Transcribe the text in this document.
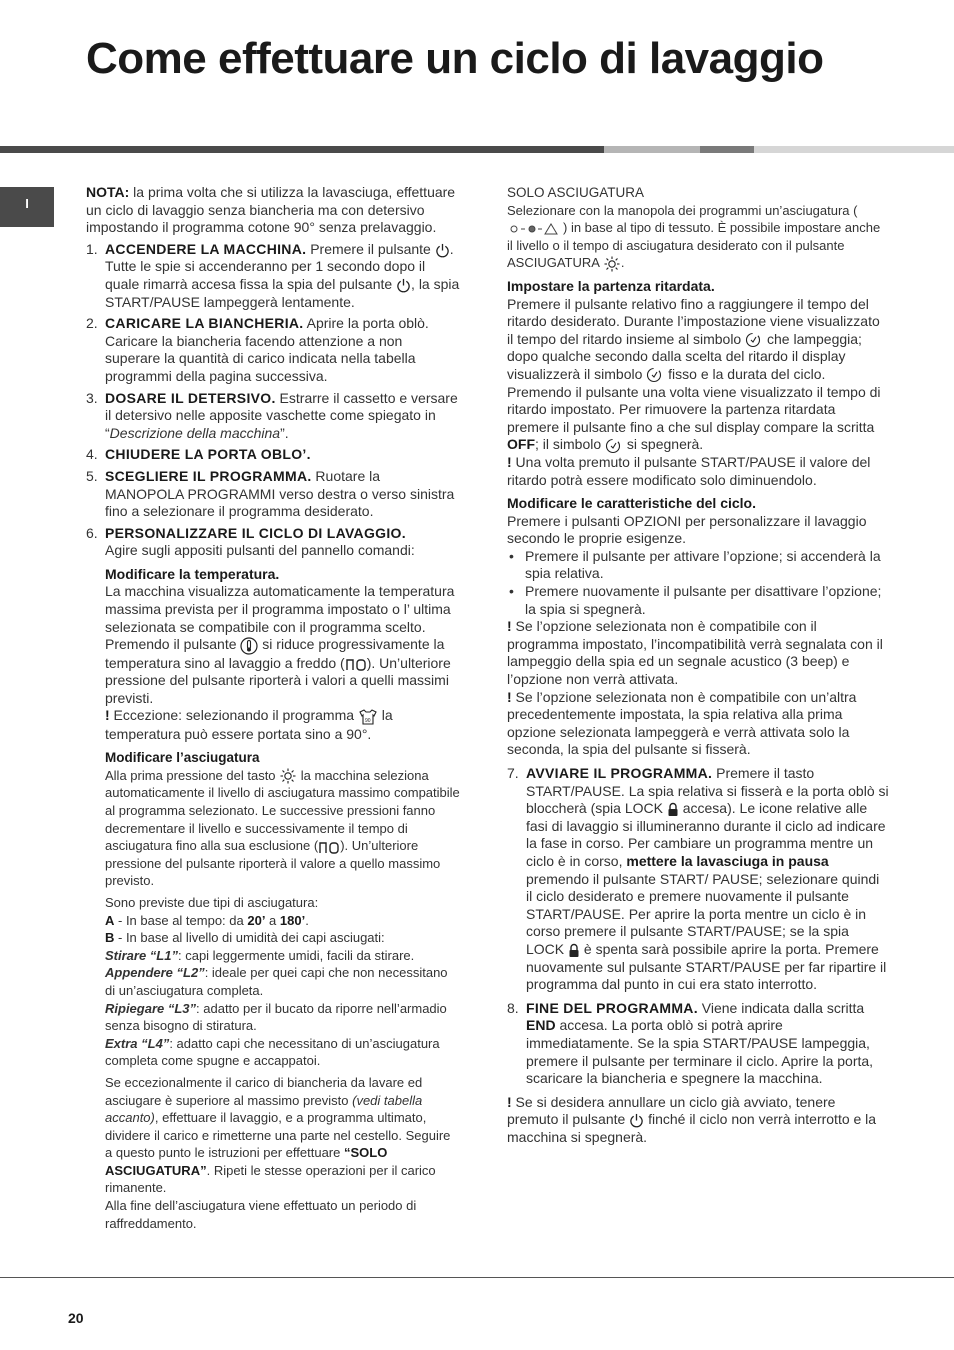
Come effettuare un ciclo di lavaggio
I

NOTA: la prima volta che si utilizza la lavasciuga, effettuare un ciclo di lavaggio senza biancheria ma con detersivo impostando il programma cotone 90° senza prelavaggio.

1. ACCENDERE LA MACCHINA. Premere il pulsante . Tutte le spie si accenderanno per 1 secondo dopo il quale rimarrà accesa fissa la spia del pulsante , la spia START/PAUSE lampeggerà lentamente.
2. CARICARE LA BIANCHERIA. Aprire la porta oblò. Caricare la biancheria facendo attenzione a non superare la quantità di carico indicata nella tabella programmi della pagina successiva.
3. DOSARE IL DETERSIVO. Estrarre il cassetto e versare il detersivo nelle apposite vaschette come spiegato in “Descrizione della macchina”.
4. CHIUDERE LA PORTA OBLO’.
5. SCEGLIERE IL PROGRAMMA. Ruotare la MANOPOLA PROGRAMMI verso destra o verso sinistra fino a selezionare il programma desiderato.
6. PERSONALIZZARE IL CICLO DI LAVAGGIO.
Agire sugli appositi pulsanti del pannello comandi:

Modificare la temperatura.

La macchina visualizza automaticamente la temperatura massima prevista per il programma impostato o l’ ultima selezionata se compatibile con il programma scelto. Premendo il pulsante  si riduce progressivamente la temperatura sino al lavaggio a freddo ( ). Un’ulteriore pressione del pulsante riporterà i valori a quelli massimi previsti.
! Eccezione: selezionando il programma 90 la temperatura può essere portata sino a 90°.

Modificare l’asciugatura

Alla prima pressione del tasto  la macchina seleziona automaticamente il livello di asciugatura massimo compatibile al programma selezionato. Le successive pressioni fanno decrementare il livello e successivamente il tempo di asciugatura fino alla sua esclusione ( ). Un’ulteriore pressione del pulsante riporterà il valore a quello massimo previsto.

Sono previste due tipi di asciugatura:

A - In base al tempo: da 20’ a 180’.

B - In base al livello di umidità dei capi asciugati:

Stirare “L1”: capi leggermente umidi, facili da stirare.

Appendere “L2”: ideale per quei capi che non necessitano di un’asciugatura completa.

Ripiegare “L3”: adatto per il bucato da riporre nell’armadio senza bisogno di stiratura.

Extra “L4”: adatto capi che necessitano di un’asciugatura completa come spugne e accappatoi.

Se eccezionalmente il carico di biancheria da lavare ed asciugare è superiore al massimo previsto (vedi tabella accanto), effettuare il lavaggio, e a programma ultimato, dividere il carico e rimetterne una parte nel cestello. Seguire a questo punto le istruzioni per effettuare “SOLO ASCIUGATURA”. Ripeti le stesse operazioni per il carico rimanente.

Alla fine dell’asciugatura viene effettuato un periodo di raffreddamento.

SOLO ASCIUGATURA

Selezionare con la manopola dei programmi un’asciugatura () in base al tipo di tessuto. È possibile impostare anche il livello o il tempo di asciugatura desiderato con il pulsante ASCIUGATURA .

Impostare la partenza ritardata.

Premere il pulsante relativo fino a raggiungere il tempo del ritardo desiderato. Durante l’impostazione viene visualizzato il tempo del ritardo insieme al simbolo  che lampeggia; dopo qualche secondo dalla scelta del ritardo il display visualizzerà il simbolo  fisso e la durata del ciclo. Premendo il pulsante una volta viene visualizzato il tempo di ritardo impostato. Per rimuovere la partenza ritardata premere il pulsante fino a che sul display compare la scritta OFF; il simbolo  si spegnerà.
! Una volta premuto il pulsante START/PAUSE il valore del ritardo potrà essere modificato solo diminuendolo.

Modificare le caratteristiche del ciclo.

Premere i pulsanti OPZIONI per personalizzare il lavaggio secondo le proprie esigenze.

• Premere il pulsante per attivare l’opzione; si accenderà la spia relativa.
• Premere nuovamente il pulsante per disattivare l’opzione; la spia si spegnerà.

! Se l’opzione selezionata non è compatibile con il programma impostato, l’incompatibilità verrà segnalata con il lampeggio della spia ed un segnale acustico (3 beep) e l’opzione non verrà attivata.

! Se l’opzione selezionata non è compatibile con un’altra precedentemente impostata, la spia relativa alla prima opzione selezionata lampeggerà e verrà attivata solo la seconda, la spia del pulsante si fisserà.

7. AVVIARE IL PROGRAMMA. Premere il tasto START/PAUSE. La spia relativa si fisserà e la porta oblò si bloccherà (spia LOCK  accesa). Le icone relative alle fasi di lavaggio si illumineranno durante il ciclo ad indicare la fase in corso. Per cambiare un programma mentre un ciclo è in corso, mettere la lavasciuga in pausa premendo il pulsante START/ PAUSE; selezionare quindi il ciclo desiderato e premere nuovamente il pulsante START/PAUSE. Per aprire la porta mentre un ciclo è in corso premere il pulsante START/PAUSE; se la spia LOCK  è spenta sarà possibile aprire la porta. Premere nuovamente sul pulsante START/PAUSE per far ripartire il programma dal punto in cui era stato interrotto.
8. FINE DEL PROGRAMMA. Viene indicata dalla scritta END accesa. La porta oblò si potrà aprire immediatamente. Se la spia START/PAUSE lampeggia, premere il pulsante per terminare il ciclo. Aprire la porta, scaricare la biancheria e spegnere la macchina.

! Se si desidera annullare un ciclo già avviato, tenere premuto il pulsante  finché il ciclo non verrà interrotto e la macchina si spegnerà.

20
